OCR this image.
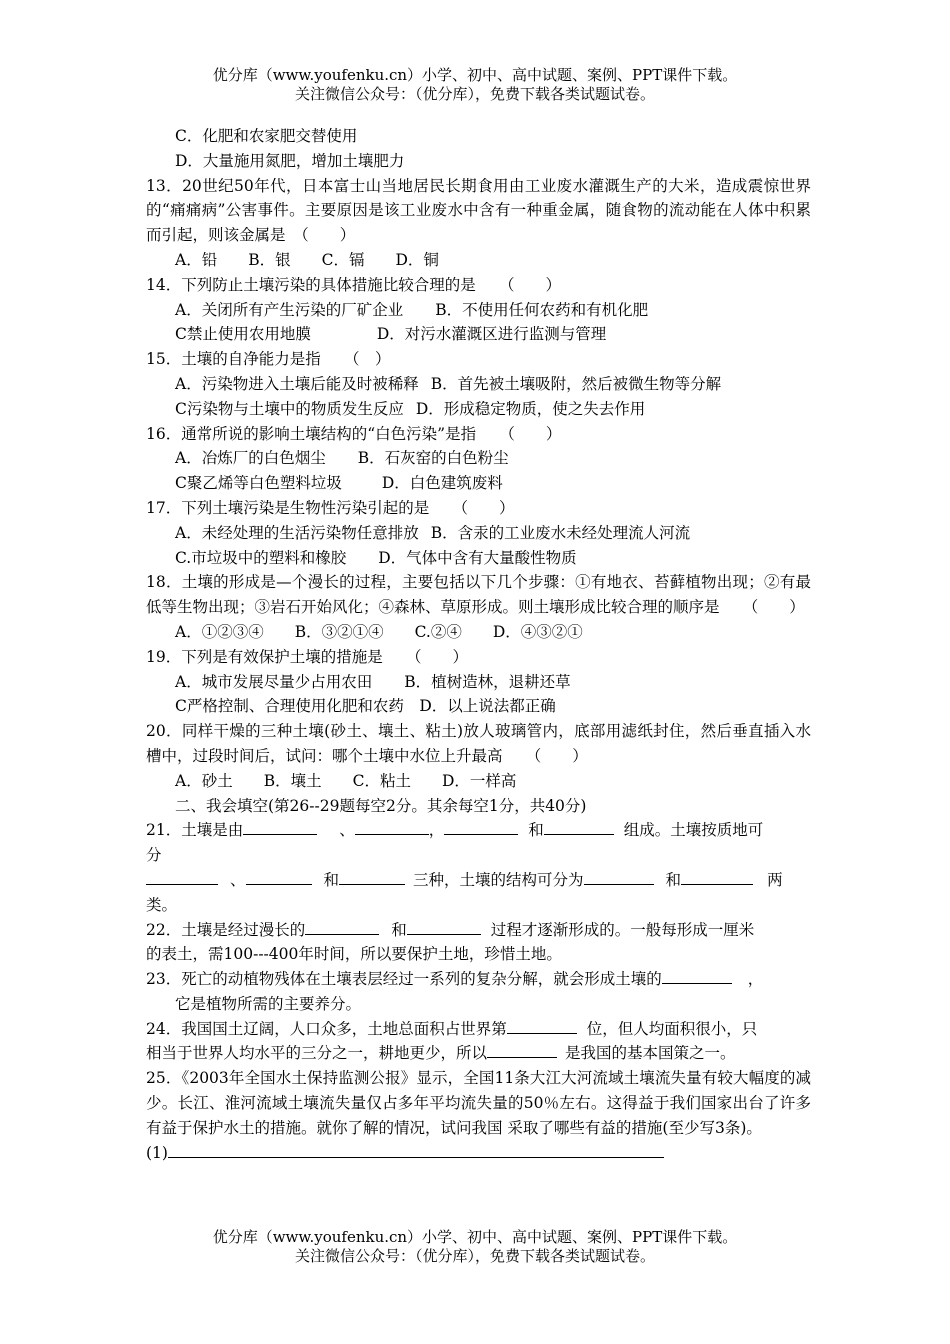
优分库（www.youfenku.cn）小学、初中、高中试题、案例、PPT课件下载。
关注微信公众号：（优分库），免费下载各类试题试卷。
C．化肥和农家肥交替使用
D．大量施用氮肥，增加土壤肥力
13．20世纪50年代，日本富士山当地居民长期食用由工业废水灌溉生产的大米，造成震惊世界的“痛痛病”公害事件。主要原因是该工业废水中含有一种重金属，随食物的流动能在人体中积累而引起，则该金属是　（　　）
A．铅　　B．银　　C．镉　　D．铜
14．下列防止土壤污染的具体措施比较合理的是　　（　　）
A．关闭所有产生污染的厂矿企业 B．不使用任何农药和有机化肥
C禁止使用农用地膜	D．对污水灌溉区进行监测与管理
15．土壤的自净能力是指　　（　）
A．污染物进入土壤后能及时被稀释 B．首先被土壤吸附，然后被微生物等分解
C污染物与土壤中的物质发生反应 D．形成稳定物质，使之失去作用
16．通常所说的影响土壤结构的“白色污染”是指　　（　　）
A．冶炼厂的白色烟尘 B．石灰窑的白色粉尘
C聚乙烯等白色塑料垃圾	D．白色建筑废料
17．下列土壤污染是生物性污染引起的是　　（　　）
A．未经处理的生活污染物任意排放 B．含汞的工业废水未经处理流人河流
C.市垃圾中的塑料和橡胶 D．气体中含有大量酸性物质
18．土壤的形成是—个漫长的过程，主要包括以下几个步骤：①有地衣、苔藓植物出现；②有最低等生物出现；③岩石开始风化；④森林、草原形成。则土壤形成比较合理的顺序是　　（　　）
A．①②③④　　B．③②①④　　C.②④　　D．④③②①
19．下列是有效保护土壤的措施是　　（　　）
A．城市发展尽量少占用农田 B．植树造林，退耕还草
C严格控制、合理使用化肥和农药　D．以上说法都正确
20．同样干燥的三种土壤(砂土、壤土、粘土)放人玻璃管内，底部用滤纸封住，然后垂直插入水槽中，过段时间后，试问：哪个土壤中水位上升最高　　（　　）
A．砂土　　B．壤土　　C．粘土　　D．一样高
二、我会填空(第26--29题每空2分。其余每空1分，共40分)
21．土壤是由	、	，	和	组成。土壤按质地可
分
、	和	三种，土壤的结构可分为	和	两
类。
22．土壤是经过漫长的	和	过程才逐渐形成的。一般每形成一厘米
的表土，需100---400年时间，所以要保护土地，珍惜土地。
23．死亡的动植物残体在土壤表层经过一系列的复杂分解，就会形成土壤的	，
它是植物所需的主要养分。
24．我国国土辽阔，人口众多，土地总面积占世界第	位，但人均面积很小，只
相当于世界人均水平的三分之一，耕地更少，所以	是我国的基本国策之一。
25．《2003年全国水土保持监测公报》显示，全国11条大江大河流域土壤流失量有较大幅度的减少。长江、淮河流域土壤流失量仅占多年平均流失量的50％左右。这得益于我们国家出台了许多有益于保护水土的措施。就你了解的情况，试问我国 采取了哪些有益的措施(至少写3条)。
(1)
优分库（www.youfenku.cn）小学、初中、高中试题、案例、PPT课件下载。
关注微信公众号：（优分库），免费下载各类试题试卷。
